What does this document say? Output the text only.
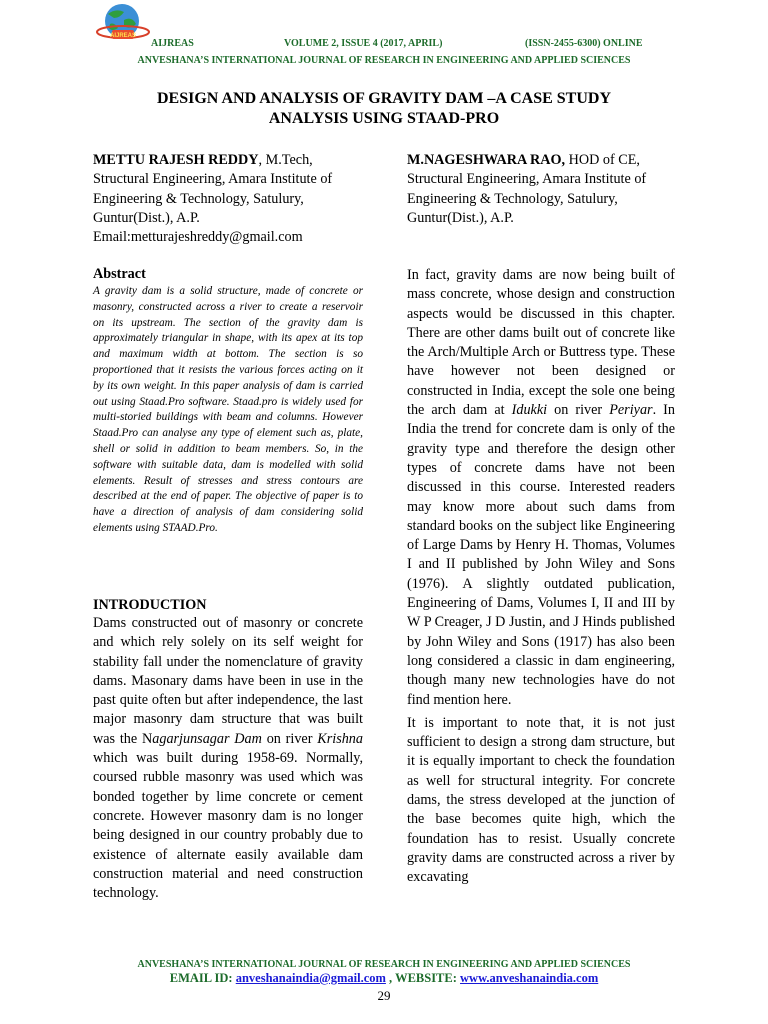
AIJREAS
AIJREAS	VOLUME 2, ISSUE 4 (2017, APRIL)	(ISSN-2455-6300) ONLINE
ANVESHANA’S INTERNATIONAL JOURNAL OF RESEARCH IN ENGINEERING AND APPLIED SCIENCES
DESIGN AND ANALYSIS OF GRAVITY DAM –A CASE STUDY
ANALYSIS USING STAAD-PRO
METTU RAJESH REDDY, M.Tech,
Structural Engineering, Amara Institute of
Engineering & Technology, Satulury,
Guntur(Dist.), A.P.
Email:metturajeshreddy@gmail.com
M.NAGESHWARA RAO, HOD of CE,
Structural Engineering, Amara Institute of
Engineering & Technology, Satulury,
Guntur(Dist.), A.P.
Abstract

A gravity dam is a solid structure, made of concrete or masonry, constructed across a river to create a reservoir on its upstream. The section of the gravity dam is approximately triangular in shape, with its apex at its top and maximum width at bottom. The section is so proportioned that it resists the various forces acting on it by its own weight. In this paper analysis of dam is carried out using Staad.Pro software. Staad.pro is widely used for multi-storied buildings with beam and columns. However Staad.Pro can analyse any type of element such as, plate, shell or solid in addition to beam members. So, in the software with suitable data, dam is modelled with solid elements. Result of stresses and stress contours are described at the end of paper. The objective of paper is to have a direction of analysis of dam considering solid elements using STAAD.Pro.

INTRODUCTION

Dams constructed out of masonry or concrete and which rely solely on its self weight for stability fall under the nomenclature of gravity dams. Masonary dams have been in use in the past quite often but after independence, the last major masonry dam structure that was built was the Nagarjunsagar Dam on river Krishna which was built during 1958-69. Normally, coursed rubble masonry was used which was bonded together by lime concrete or cement concrete. However masonry dam is no longer being designed in our country probably due to existence of alternate easily available dam construction material and need construction technology.

In fact, gravity dams are now being built of mass concrete, whose design and construction aspects would be discussed in this chapter. There are other dams built out of concrete like the Arch/Multiple Arch or Buttress type. These have however not been designed or constructed in India, except the sole one being the arch dam at Idukki on river Periyar. In India the trend for concrete dam is only of the gravity type and therefore the design other types of concrete dams have not been discussed in this course. Interested readers may know more about such dams from standard books on the subject like Engineering of Large Dams by Henry H. Thomas, Volumes I and II published by John Wiley and Sons (1976). A slightly outdated publication, Engineering of Dams, Volumes I, II and III by W P Creager, J D Justin, and J Hinds published by John Wiley and Sons (1917) has also been long considered a classic in dam engineering, though many new technologies have do not find mention here.

It is important to note that, it is not just sufficient to design a strong dam structure, but it is equally important to check the foundation as well for structural integrity. For concrete dams, the stress developed at the junction of the base becomes quite high, which the foundation has to resist. Usually concrete gravity dams are constructed across a river by excavating

ANVESHANA’S INTERNATIONAL JOURNAL OF RESEARCH IN ENGINEERING AND APPLIED SCIENCES
EMAIL ID: anveshanaindia@gmail.com , WEBSITE: www.anveshanaindia.com
29
